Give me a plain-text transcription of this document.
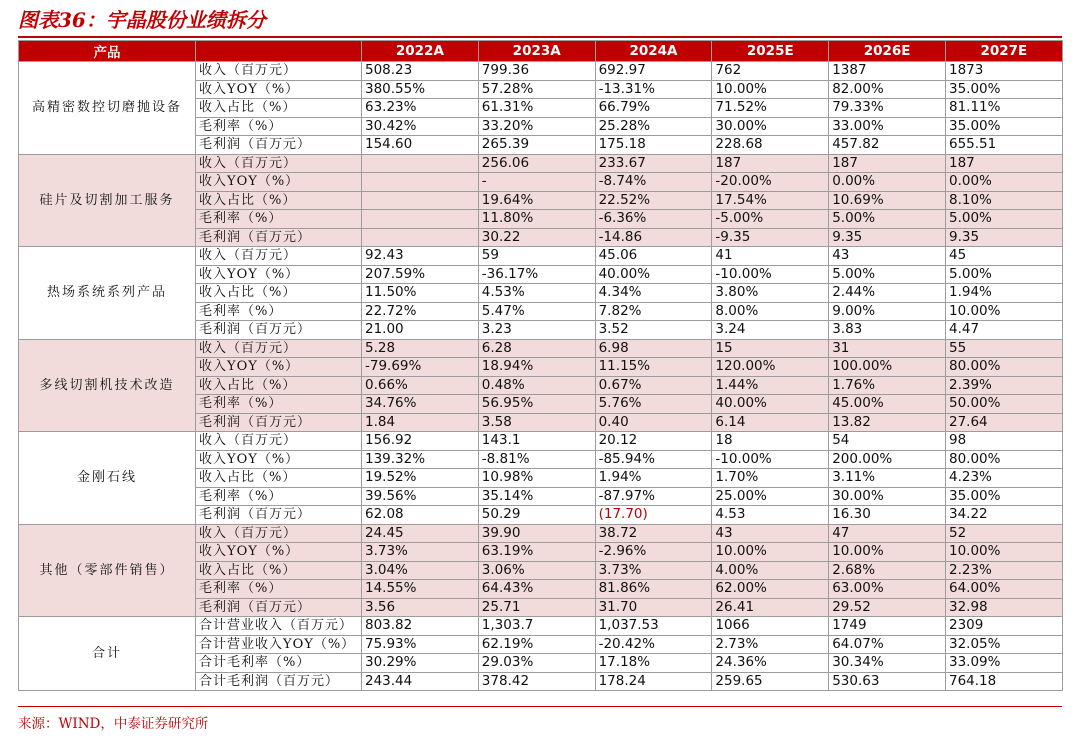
图表36：宇晶股份业绩拆分
产品		2022A	2023A	2024A	2025E	2026E	2027E
高精密数控切磨抛设备	收入（百万元）	508.23	799.36	692.97	762	1387	1873
	收入YOY（%）	380.55%	57.28%	-13.31%	10.00%	82.00%	35.00%
	收入占比（%）	63.23%	61.31%	66.79%	71.52%	79.33%	81.11%
	毛利率（%）	30.42%	33.20%	25.28%	30.00%	33.00%	35.00%
	毛利润（百万元）	154.60	265.39	175.18	228.68	457.82	655.51
硅片及切割加工服务	收入（百万元）		256.06	233.67	187	187	187
	收入YOY（%）		-	-8.74%	-20.00%	0.00%	0.00%
	收入占比（%）		19.64%	22.52%	17.54%	10.69%	8.10%
	毛利率（%）		11.80%	-6.36%	-5.00%	5.00%	5.00%
	毛利润（百万元）		30.22	-14.86	-9.35	9.35	9.35
热场系统系列产品	收入（百万元）	92.43	59	45.06	41	43	45
	收入YOY（%）	207.59%	-36.17%	40.00%	-10.00%	5.00%	5.00%
	收入占比（%）	11.50%	4.53%	4.34%	3.80%	2.44%	1.94%
	毛利率（%）	22.72%	5.47%	7.82%	8.00%	9.00%	10.00%
	毛利润（百万元）	21.00	3.23	3.52	3.24	3.83	4.47
多线切割机技术改造	收入（百万元）	5.28	6.28	6.98	15	31	55
	收入YOY（%）	-79.69%	18.94%	11.15%	120.00%	100.00%	80.00%
	收入占比（%）	0.66%	0.48%	0.67%	1.44%	1.76%	2.39%
	毛利率（%）	34.76%	56.95%	5.76%	40.00%	45.00%	50.00%
	毛利润（百万元）	1.84	3.58	0.40	6.14	13.82	27.64
金刚石线	收入（百万元）	156.92	143.1	20.12	18	54	98
	收入YOY（%）	139.32%	-8.81%	-85.94%	-10.00%	200.00%	80.00%
	收入占比（%）	19.52%	10.98%	1.94%	1.70%	3.11%	4.23%
	毛利率（%）	39.56%	35.14%	-87.97%	25.00%	30.00%	35.00%
	毛利润（百万元）	62.08	50.29	(17.70)	4.53	16.30	34.22
其他（零部件销售）	收入（百万元）	24.45	39.90	38.72	43	47	52
	收入YOY（%）	3.73%	63.19%	-2.96%	10.00%	10.00%	10.00%
	收入占比（%）	3.04%	3.06%	3.73%	4.00%	2.68%	2.23%
	毛利率（%）	14.55%	64.43%	81.86%	62.00%	63.00%	64.00%
	毛利润（百万元）	3.56	25.71	31.70	26.41	29.52	32.98
合计	合计营业收入（百万元）	803.82	1,303.7	1,037.53	1066	1749	2309
	合计营业收入YOY（%）	75.93%	62.19%	-20.42%	2.73%	64.07%	32.05%
	合计毛利率（%）	30.29%	29.03%	17.18%	24.36%	30.34%	33.09%
	合计毛利润（百万元）	243.44	378.42	178.24	259.65	530.63	764.18
来源：WIND，中泰证券研究所
